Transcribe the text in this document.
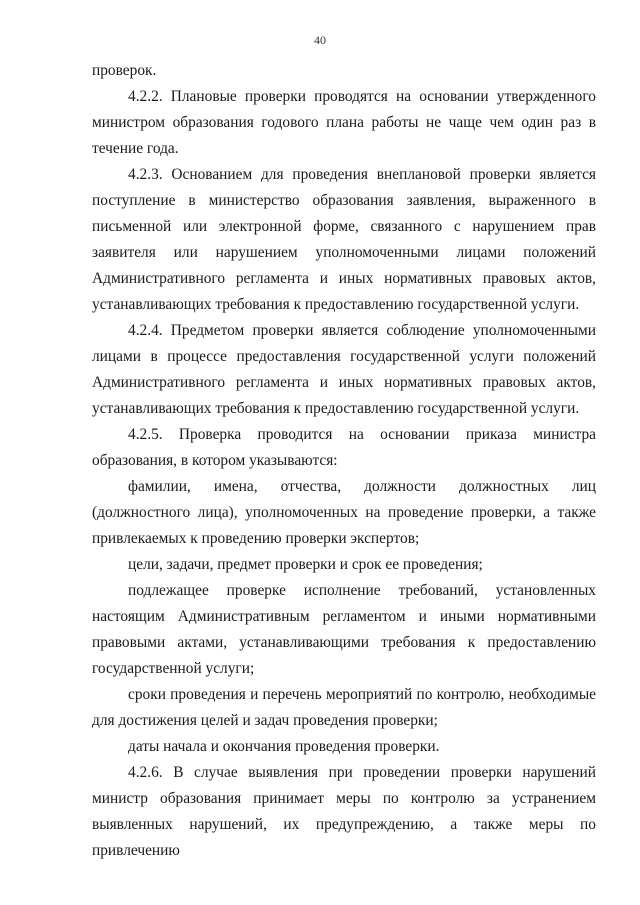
40

проверок.

4.2.2. Плановые проверки проводятся на основании утвержденного министром образования годового плана работы не чаще чем один раз в течение года.

4.2.3. Основанием для проведения внеплановой проверки является поступление в министерство образования заявления, выраженного в письменной или электронной форме, связанного с нарушением прав заявителя или нарушением уполномоченными лицами положений Административного регламента и иных нормативных правовых актов, устанавливающих требования к предоставлению государственной услуги.

4.2.4. Предметом проверки является соблюдение уполномоченными лицами в процессе предоставления государственной услуги положений Административного регламента и иных нормативных правовых актов, устанавливающих требования к предоставлению государственной услуги.

4.2.5. Проверка проводится на основании приказа министра образования, в котором указываются:

фамилии, имена, отчества, должности должностных лиц (должностного лица), уполномоченных на проведение проверки, а также привлекаемых к проведению проверки экспертов;

цели, задачи, предмет проверки и срок ее проведения;

подлежащее проверке исполнение требований, установленных настоящим Административным регламентом и иными нормативными правовыми актами, устанавливающими требования к предоставлению государственной услуги;

сроки проведения и перечень мероприятий по контролю, необходимые для достижения целей и задач проведения проверки;

даты начала и окончания проведения проверки.

4.2.6. В случае выявления при проведении проверки нарушений министр образования принимает меры по контролю за устранением выявленных нарушений, их предупреждению, а также меры по привлечению
